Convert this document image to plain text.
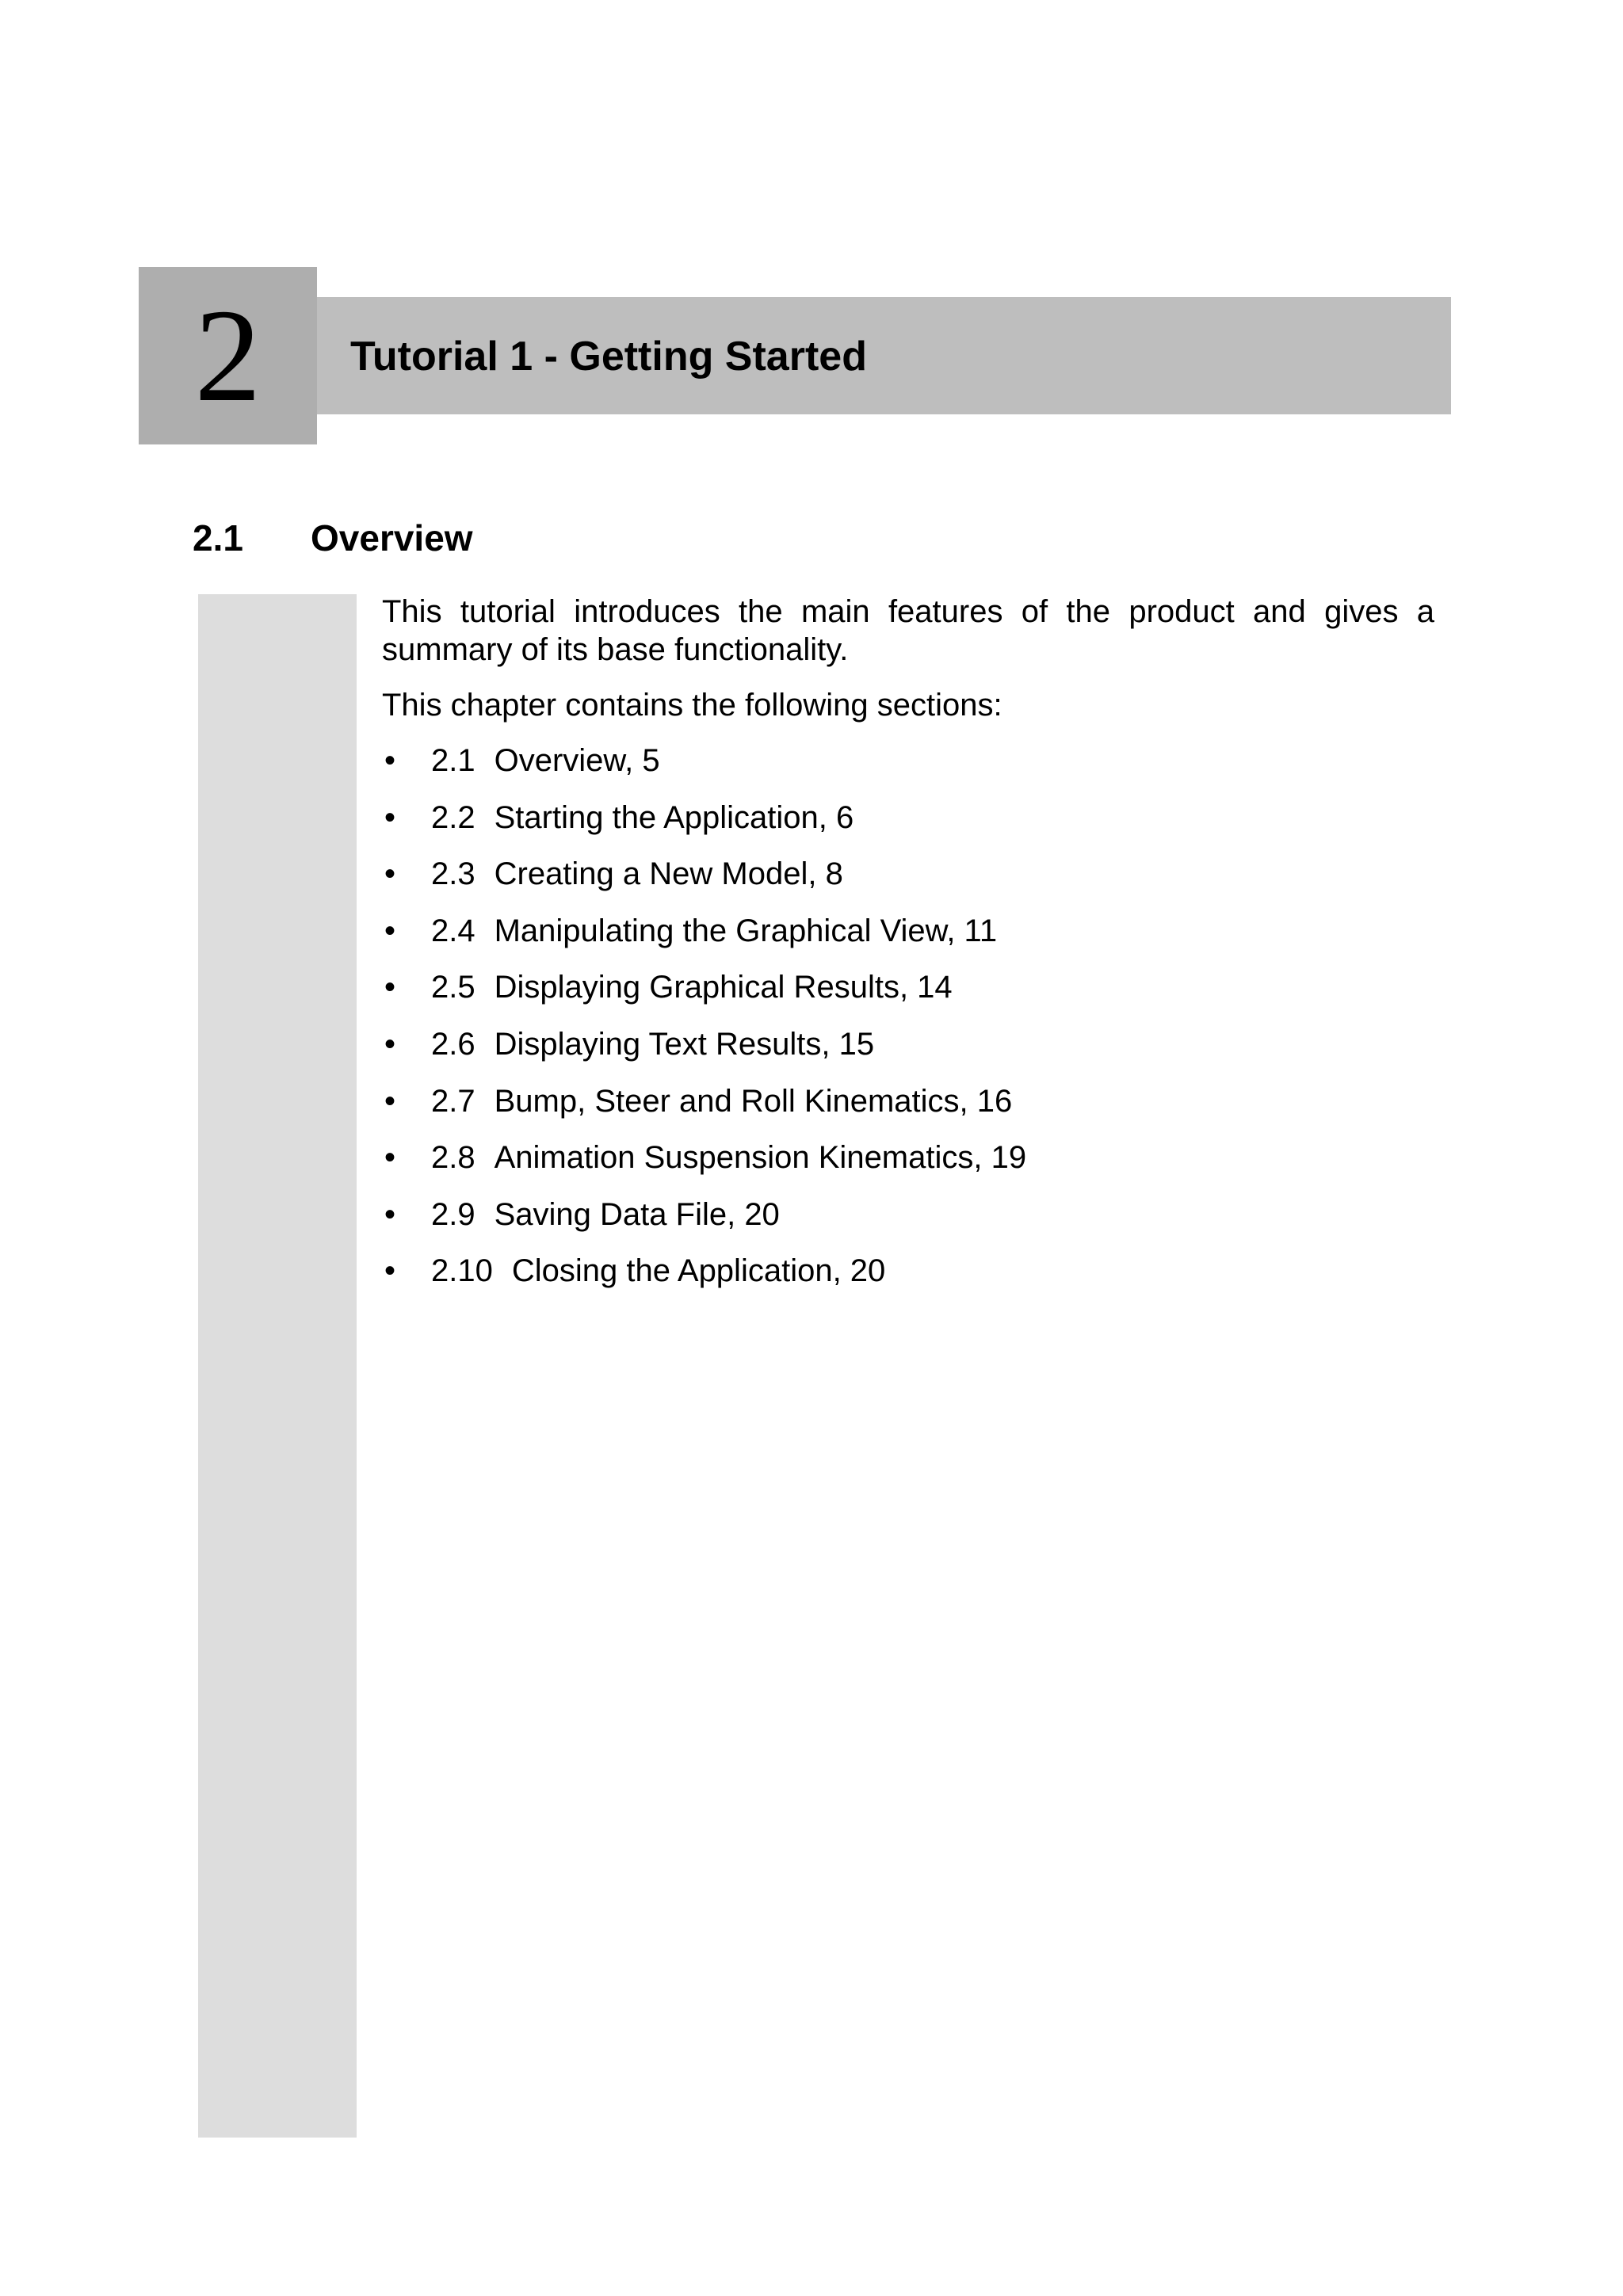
2	Tutorial 1 - Getting Started
2.1 Overview
This tutorial introduces the main features of the product and gives a summary of its base functionality.
This chapter contains the following sections:
• 2.1 Overview, 5
• 2.2 Starting the Application, 6
• 2.3 Creating a New Model, 8
• 2.4 Manipulating the Graphical View, 11
• 2.5 Displaying Graphical Results, 14
• 2.6 Displaying Text Results, 15
• 2.7 Bump, Steer and Roll Kinematics, 16
• 2.8 Animation Suspension Kinematics, 19
• 2.9 Saving Data File, 20
• 2.10 Closing the Application, 20
